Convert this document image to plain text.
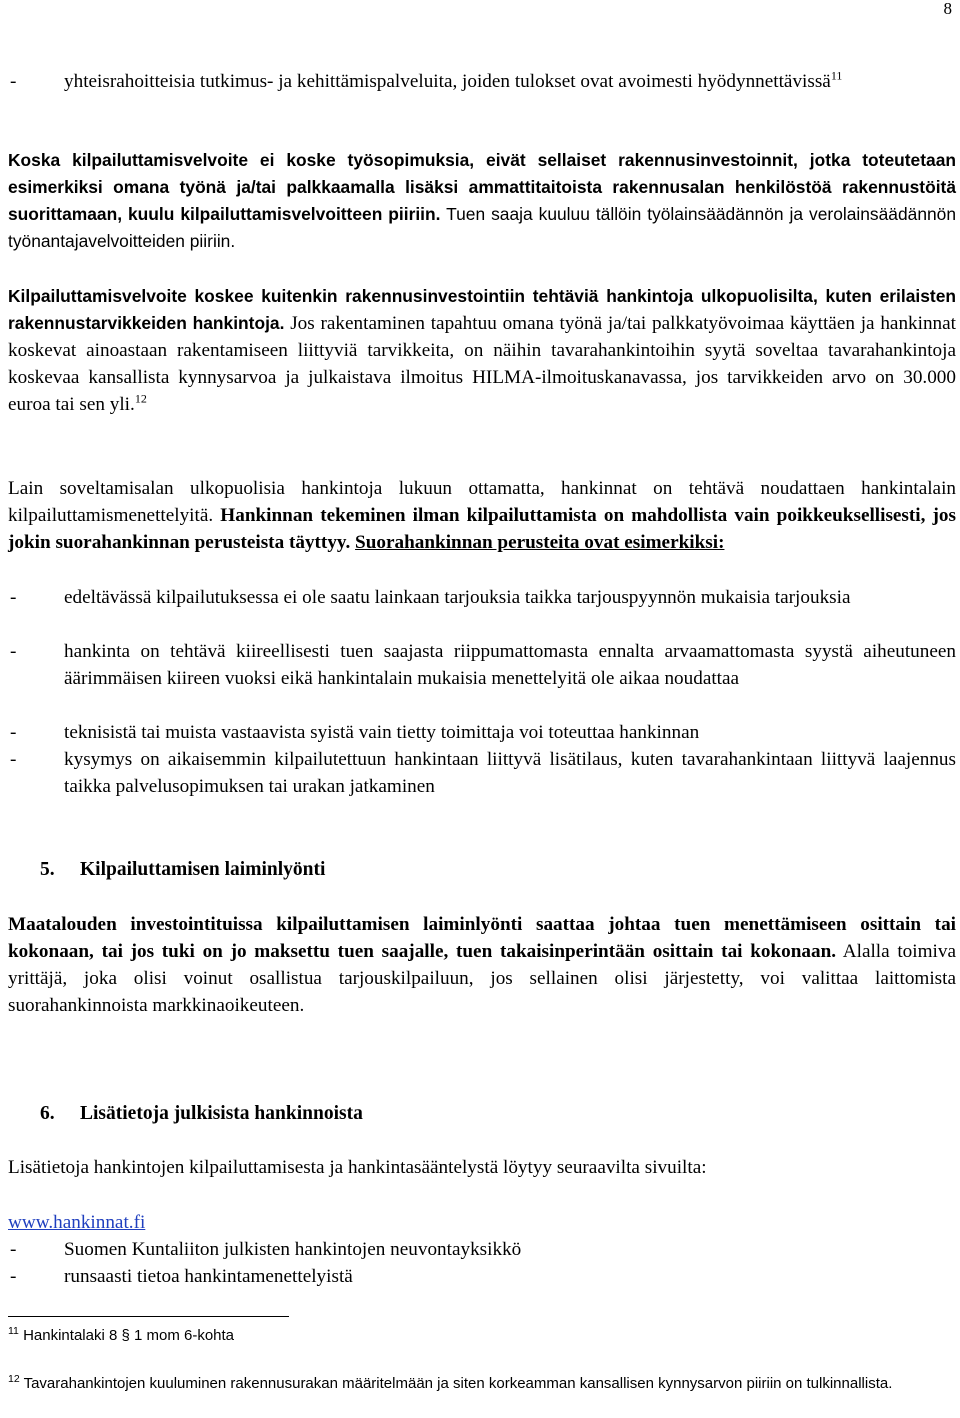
8

- yhteisrahoitteisia tutkimus- ja kehittämispalveluita, joiden tulokset ovat avoimesti hyödynnettävissä$^{11}$

Koska kilpailuttamisvelvoite ei koske työsopimuksia, eivät sellaiset rakennusinvestoinnit, jotka toteutetaan esimerkiksi omana työnä ja/tai palkkaamalla lisäksi ammattitaitoista rakennusalan henkilöstöä rakennustöitä suorittamaan, kuulu kilpailuttamisvelvoitteen piiriin. Tuen saaja kuuluu tällöin työlainsäädännön ja verolainsäädännön työnantajavelvoitteiden piiriin.

Kilpailuttamisvelvoite koskee kuitenkin rakennusinvestointiin tehtäviä hankintoja ulkopuolisilta, kuten erilaisten rakennustarvikkeiden hankintoja. Jos rakentaminen tapahtuu omana työnä ja/tai palkkatyövoimaa käyttäen ja hankinnat koskevat ainoastaan rakentamiseen liittyviä tarvikkeita, on näihin tavarahankintoihin syytä soveltaa tavarahankintoja koskevaa kansallista kynnysarvoa ja julkaistava ilmoitus HILMA-ilmoituskanavassa, jos tarvikkeiden arvo on 30.000 euroa tai sen yli.$^{12}$

Lain soveltamisalan ulkopuolisia hankintoja lukuun ottamatta, hankinnat on tehtävä noudattaen hankintalain kilpailuttamismenettelyitä. Hankinnan tekeminen ilman kilpailuttamista on mahdollista vain poikkeuksellisesti, jos jokin suorahankinnan perusteista täyttyy. Suorahankinnan perusteita ovat esimerkiksi:

- edeltävässä kilpailutuksessa ei ole saatu lainkaan tarjouksia taikka tarjouspyynnön mukaisia tarjouksia

- hankinta on tehtävä kiireellisesti tuen saajasta riippumattomasta ennalta arvaamattomasta syystä aiheutuneen äärimmäisen kiireen vuoksi eikä hankintalain mukaisia menettelyitä ole aikaa noudattaa

- teknisistä tai muista vastaavista syistä vain tietty toimittaja voi toteuttaa hankinnan

- kysymys on aikaisemmin kilpailutettuun hankintaan liittyvä lisätilaus, kuten tavarahankintaan liittyvä laajennus taikka palvelusopimuksen tai urakan jatkaminen

5. Kilpailuttamisen laiminlyönti

Maatalouden investointituissa kilpailuttamisen laiminlyönti saattaa johtaa tuen menettämiseen osittain tai kokonaan, tai jos tuki on jo maksettu tuen saajalle, tuen takaisinperintään osittain tai kokonaan. Alalla toimiva yrittäjä, joka olisi voinut osallistua tarjouskilpailuun, jos sellainen olisi järjestetty, voi valittaa laittomista suorahankinnoista markkinaoikeuteen.

6. Lisätietoja julkisista hankinnoista

Lisätietoja hankintojen kilpailuttamisesta ja hankintasääntelystä löytyy seuraavilta sivuilta:

www.hankinnat.fi

- Suomen Kuntaliiton julkisten hankintojen neuvontayksikkö

- runsaasti tietoa hankintamenettelyistä

$^{11}$ Hankintalaki 8 § 1 mom 6-kohta

$^{12}$ Tavarahankintojen kuuluminen rakennusurakan määritelmään ja siten korkeamman kansallisen kynnysarvon piiriin on tulkinnallista.
